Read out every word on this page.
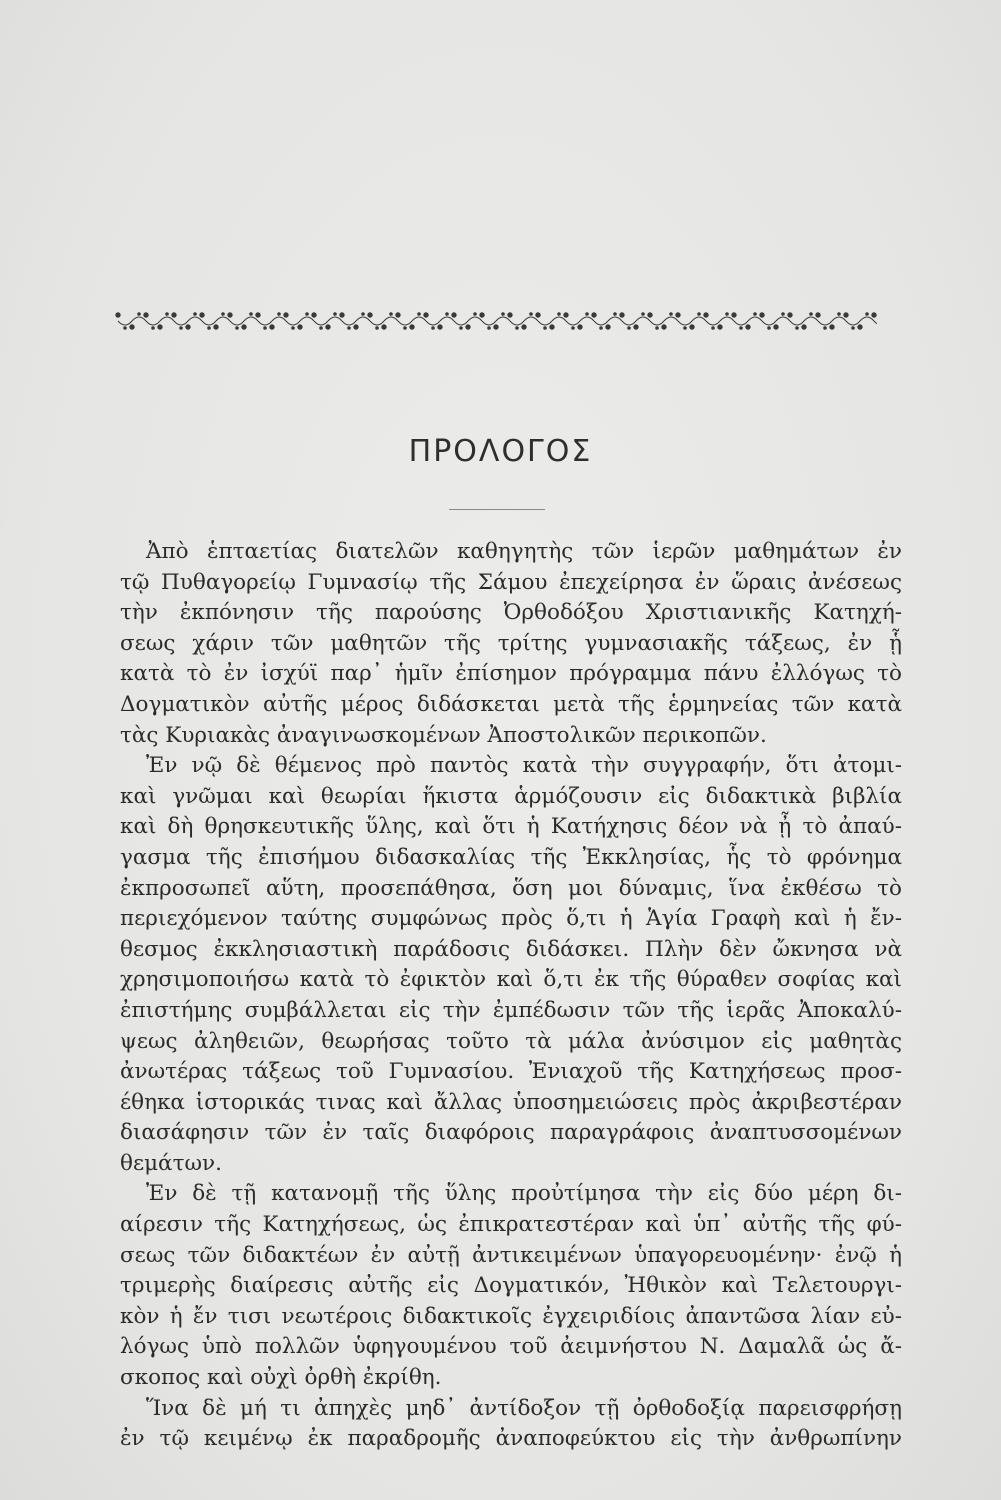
ΠΡΟΛΟΓΟΣ
Ἀπὸ ἑπταετίας διατελῶν καθηγητὴς τῶν ἱερῶν μαθημάτων ἐν
τῷ Πυθαγορείῳ Γυμνασίῳ τῆς Σάμου ἐπεχείρησα ἐν ὥραις ἀνέσεως
τὴν ἐκπόνησιν τῆς παρούσης Ὀρθοδόξου Χριστιανικῆς Κατηχή-
σεως χάριν τῶν μαθητῶν τῆς τρίτης γυμνασιακῆς τάξεως, ἐν ᾗ
κατὰ τὸ ἐν ἰσχύϊ παρ᾽ ἡμῖν ἐπίσημον πρόγραμμα πάνυ ἐλλόγως τὸ
Δογματικὸν αὐτῆς μέρος διδάσκεται μετὰ τῆς ἑρμηνείας τῶν κατὰ
τὰς Κυριακὰς ἀναγινωσκομένων Ἀποστολικῶν περικοπῶν.
Ἐν νῷ δὲ θέμενος πρὸ παντὸς κατὰ τὴν συγγραφήν, ὅτι ἀτομι-
καὶ γνῶμαι καὶ θεωρίαι ἥκιστα ἁρμόζουσιν εἰς διδακτικὰ βιβλία
καὶ δὴ θρησκευτικῆς ὕλης, καὶ ὅτι ἡ Κατήχησις δέον νὰ ᾖ τὸ ἀπαύ-
γασμα τῆς ἐπισήμου διδασκαλίας τῆς Ἐκκλησίας, ἧς τὸ φρόνημα
ἐκπροσωπεῖ αὕτη, προσεπάθησα, ὅση μοι δύναμις, ἵνα ἐκθέσω τὸ
περιεχόμενον ταύτης συμφώνως πρὸς ὅ,τι ἡ Ἁγία Γραφὴ καὶ ἡ ἔν-
θεσμος ἐκκλησιαστικὴ παράδοσις διδάσκει. Πλὴν δὲν ὤκνησα νὰ
χρησιμοποιήσω κατὰ τὸ ἐφικτὸν καὶ ὅ,τι ἐκ τῆς θύραθεν σοφίας καὶ
ἐπιστήμης συμβάλλεται εἰς τὴν ἐμπέδωσιν τῶν τῆς ἱερᾶς Ἀποκαλύ-
ψεως ἀληθειῶν, θεωρήσας τοῦτο τὰ μάλα ἀνύσιμον εἰς μαθητὰς
ἀνωτέρας τάξεως τοῦ Γυμνασίου. Ἐνιαχοῦ τῆς Κατηχήσεως προσ-
έθηκα ἱστορικάς τινας καὶ ἄλλας ὑποσημειώσεις πρὸς ἀκριβεστέραν
διασάφησιν τῶν ἐν ταῖς διαφόροις παραγράφοις ἀναπτυσσομένων
θεμάτων.
Ἐν δὲ τῇ κατανομῇ τῆς ὕλης προὐτίμησα τὴν εἰς δύο μέρη δι-
αίρεσιν τῆς Κατηχήσεως, ὡς ἐπικρατεστέραν καὶ ὑπ᾽ αὐτῆς τῆς φύ-
σεως τῶν διδακτέων ἐν αὐτῇ ἀντικειμένων ὑπαγορευομένην· ἐνῷ ἡ
τριμερὴς διαίρεσις αὐτῆς εἰς Δογματικόν, Ἠθικὸν καὶ Τελετουργι-
κὸν ἡ ἔν τισι νεωτέροις διδακτικοῖς ἐγχειριδίοις ἀπαντῶσα λίαν εὐ-
λόγως ὑπὸ πολλῶν ὑφηγουμένου τοῦ ἀειμνήστου Ν. Δαμαλᾶ ὡς ἄ-
σκοπος καὶ οὐχὶ ὀρθὴ ἐκρίθη.
Ἵνα δὲ μή τι ἀπηχὲς μηδ᾽ ἀντίδοξον τῇ ὀρθοδοξίᾳ παρεισφρήσῃ
ἐν τῷ κειμένῳ ἐκ παραδρομῆς ἀναποφεύκτου εἰς τὴν ἀνθρωπίνην
